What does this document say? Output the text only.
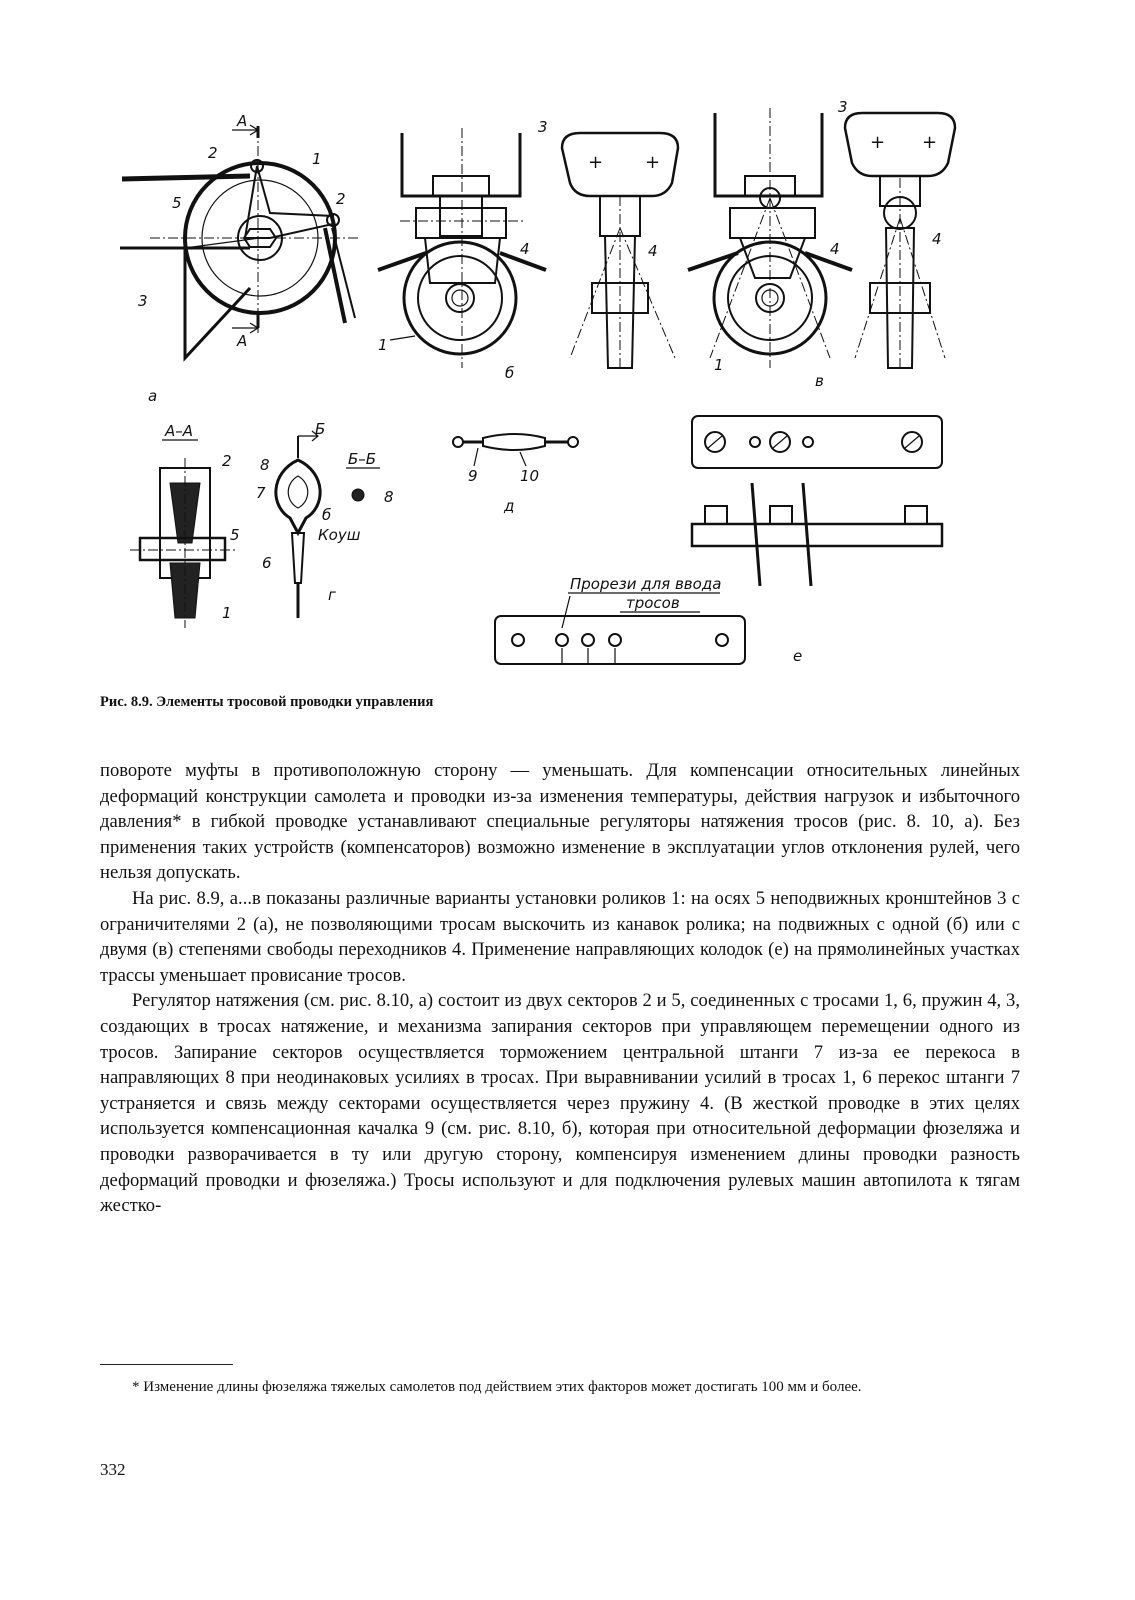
А
А
2	1
5	2
3
а
3
4
1
б
+ +
4
3
4
1
в
+ +
4
А–А
2
5
1
Б
Б–Б
8
7
б
8
Коуш
6
г
9	10
д
Прорези для ввода
тросов
е
Рис. 8.9. Элементы тросовой проводки управления

повороте муфты в противоположную сторону — уменьшать. Для компенсации относительных линейных деформаций конструкции самолета и проводки из-за изменения температуры, действия нагрузок и избыточного давления* в гибкой проводке устанавливают специальные регуляторы натяжения тросов (рис. 8. 10, а). Без применения таких устройств (компенсаторов) возможно изменение в эксплуатации углов отклонения рулей, чего нельзя допускать.

На рис. 8.9, а...в показаны различные варианты установки роликов 1: на осях 5 неподвижных кронштейнов 3 с ограничителями 2 (а), не позволяющими тросам выскочить из канавок ролика; на подвижных с одной (б) или с двумя (в) степенями свободы переходников 4. Применение направляющих колодок (е) на прямолинейных участках трассы уменьшает провисание тросов.

Регулятор натяжения (см. рис. 8.10, а) состоит из двух секторов 2 и 5, соединенных с тросами 1, 6, пружин 4, 3, создающих в тросах натяжение, и механизма запирания секторов при управляющем перемещении одного из тросов. Запирание секторов осуществляется торможением центральной штанги 7 из-за ее перекоса в направляющих 8 при неодинаковых усилиях в тросах. При выравнивании усилий в тросах 1, 6 перекос штанги 7 устраняется и связь между секторами осуществляется через пружину 4. (В жесткой проводке в этих целях используется компенсационная качалка 9 (см. рис. 8.10, б), которая при относительной деформации фюзеляжа и проводки разворачивается в ту или другую сторону, компенсируя изменением длины проводки разность деформаций проводки и фюзеляжа.) Тросы используют и для подключения рулевых машин автопилота к тягам жестко-

* Изменение длины фюзеляжа тяжелых самолетов под действием этих факторов может достигать 100 мм и более.
332
